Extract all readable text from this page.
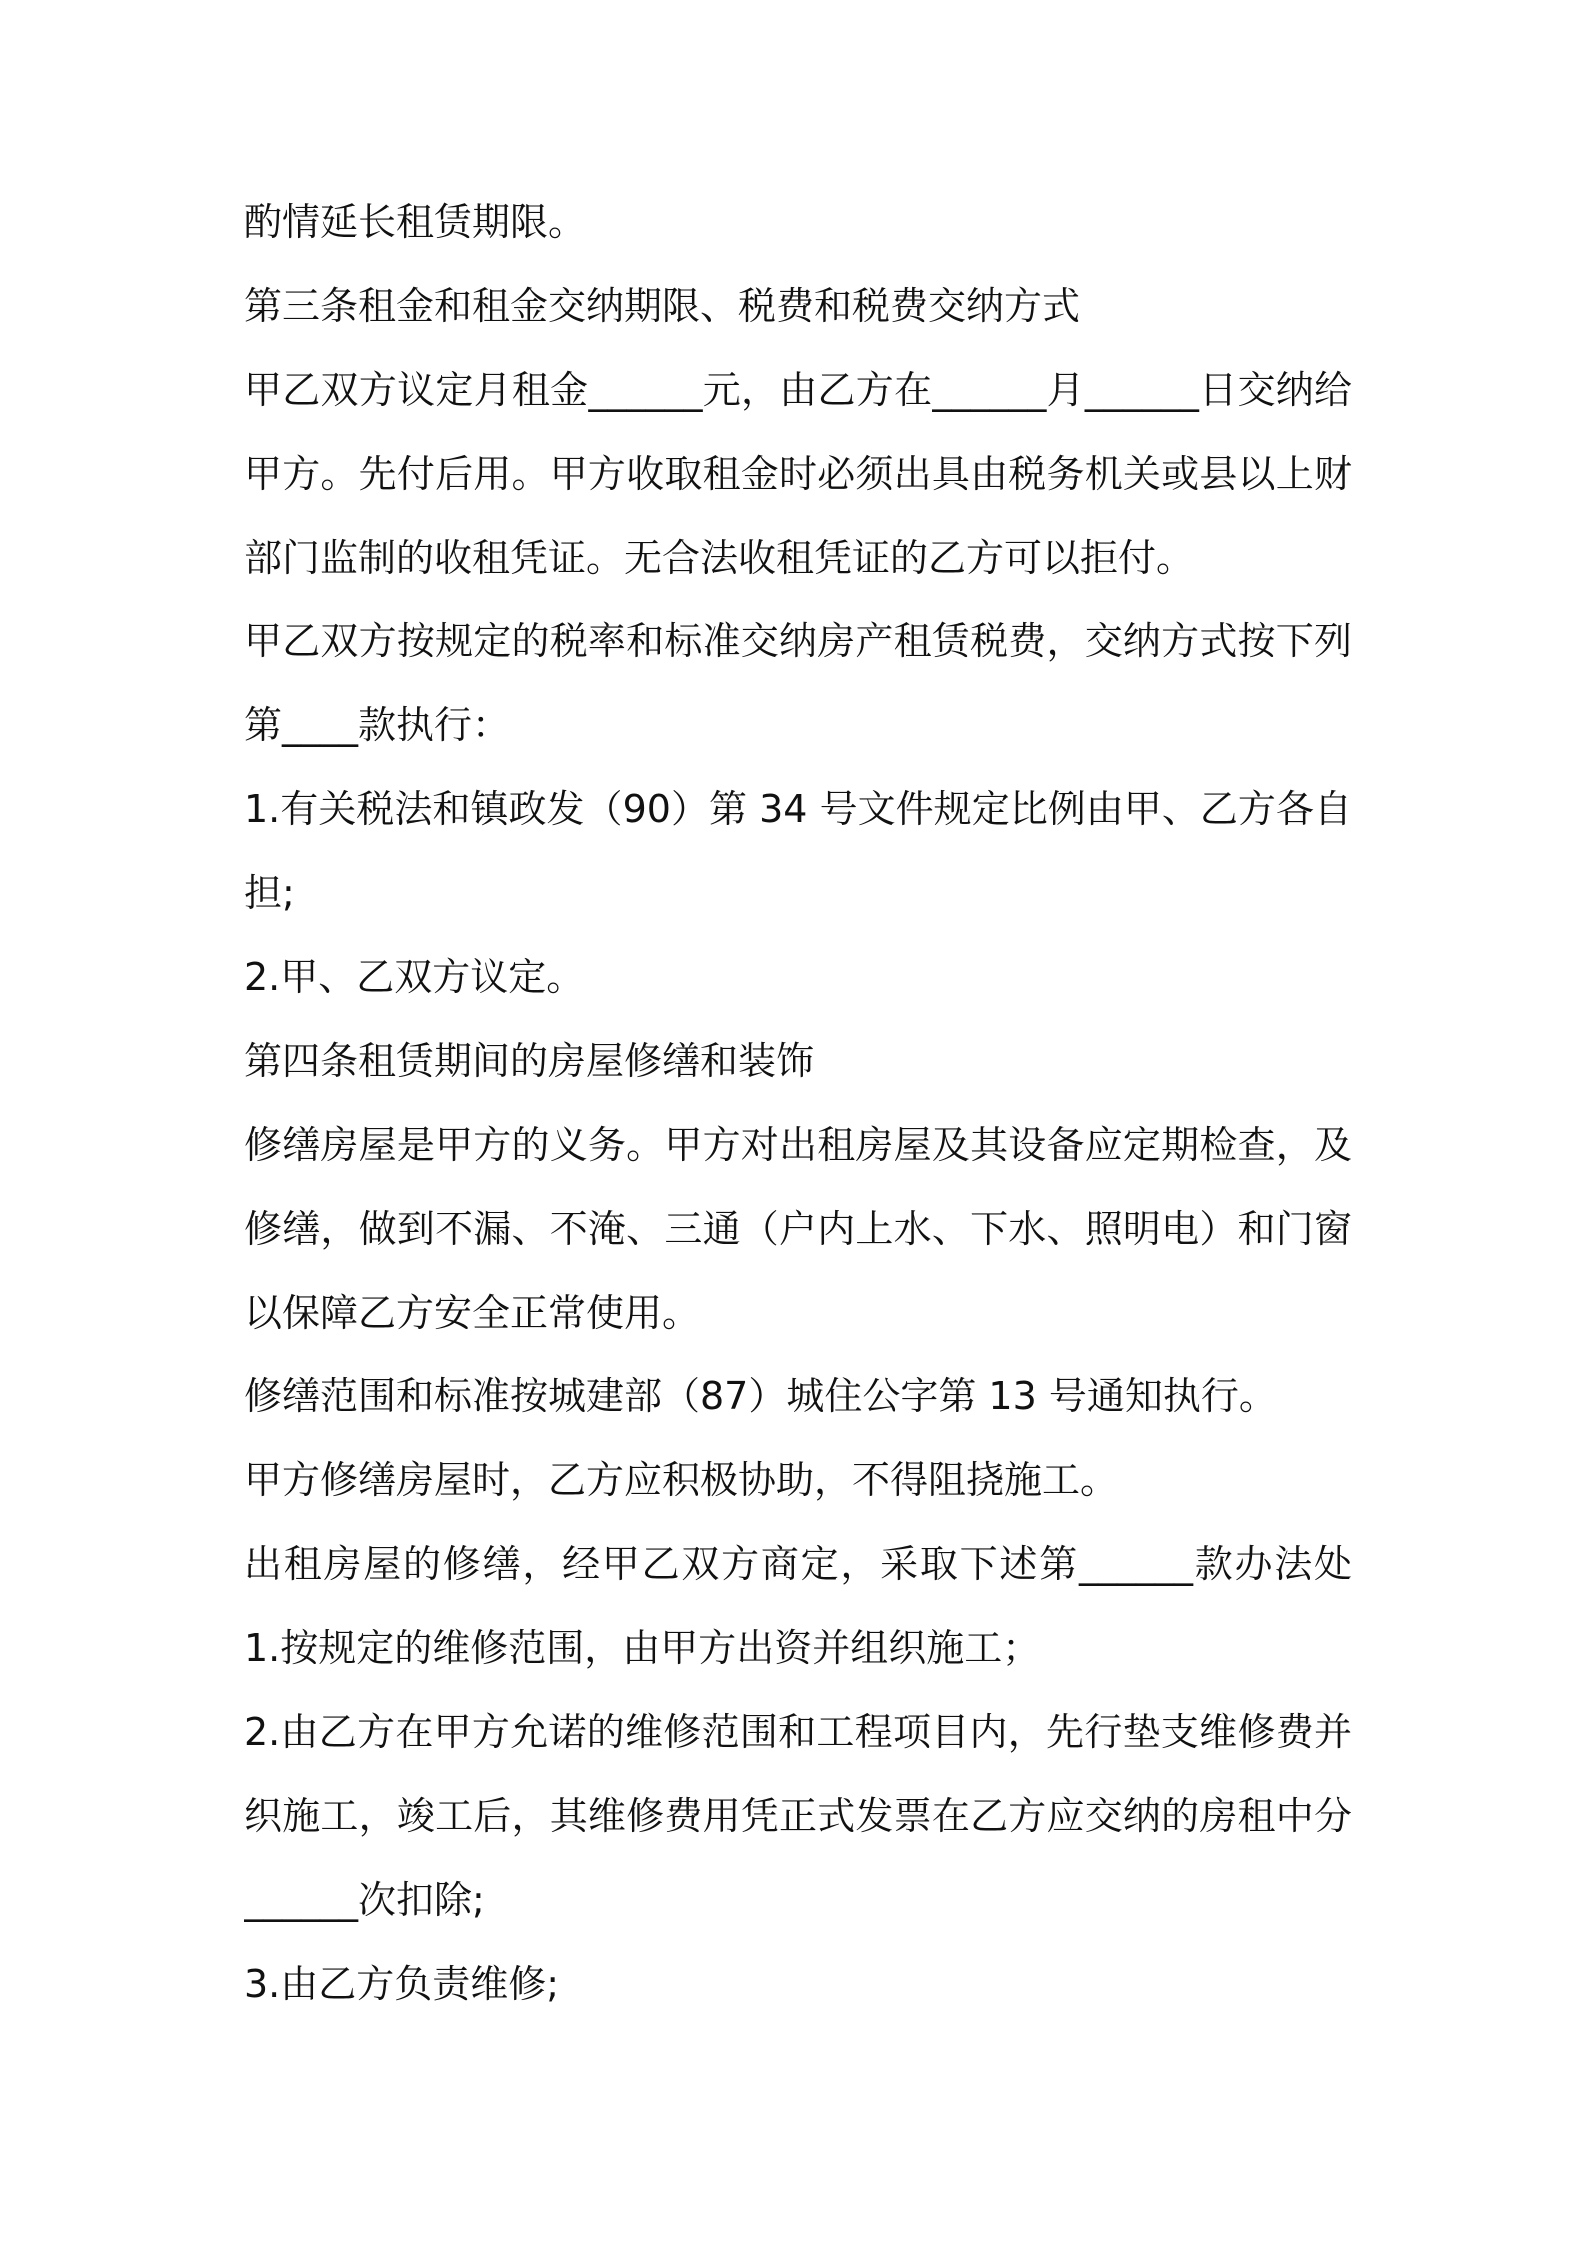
酌情延长租赁期限。
第三条租金和租金交纳期限、税费和税费交纳方式
甲乙双方议定月租金______元，由乙方在______月______日交纳给
甲方。先付后用。甲方收取租金时必须出具由税务机关或县以上财
部门监制的收租凭证。无合法收租凭证的乙方可以拒付。
甲乙双方按规定的税率和标准交纳房产租赁税费，交纳方式按下列
第____款执行：
1.有关税法和镇政发（90）第 34 号文件规定比例由甲、乙方各自
担;
2.甲、乙双方议定。
第四条租赁期间的房屋修缮和装饰
修缮房屋是甲方的义务。甲方对出租房屋及其设备应定期检查，及
修缮，做到不漏、不淹、三通（户内上水、下水、照明电）和门窗
以保障乙方安全正常使用。
修缮范围和标准按城建部（87）城住公字第 13 号通知执行。
甲方修缮房屋时，乙方应积极协助，不得阻挠施工。
出租房屋的修缮，经甲乙双方商定，采取下述第______款办法处
1.按规定的维修范围，由甲方出资并组织施工；
2.由乙方在甲方允诺的维修范围和工程项目内，先行垫支维修费并
织施工，竣工后，其维修费用凭正式发票在乙方应交纳的房租中分
______次扣除;
3.由乙方负责维修;
